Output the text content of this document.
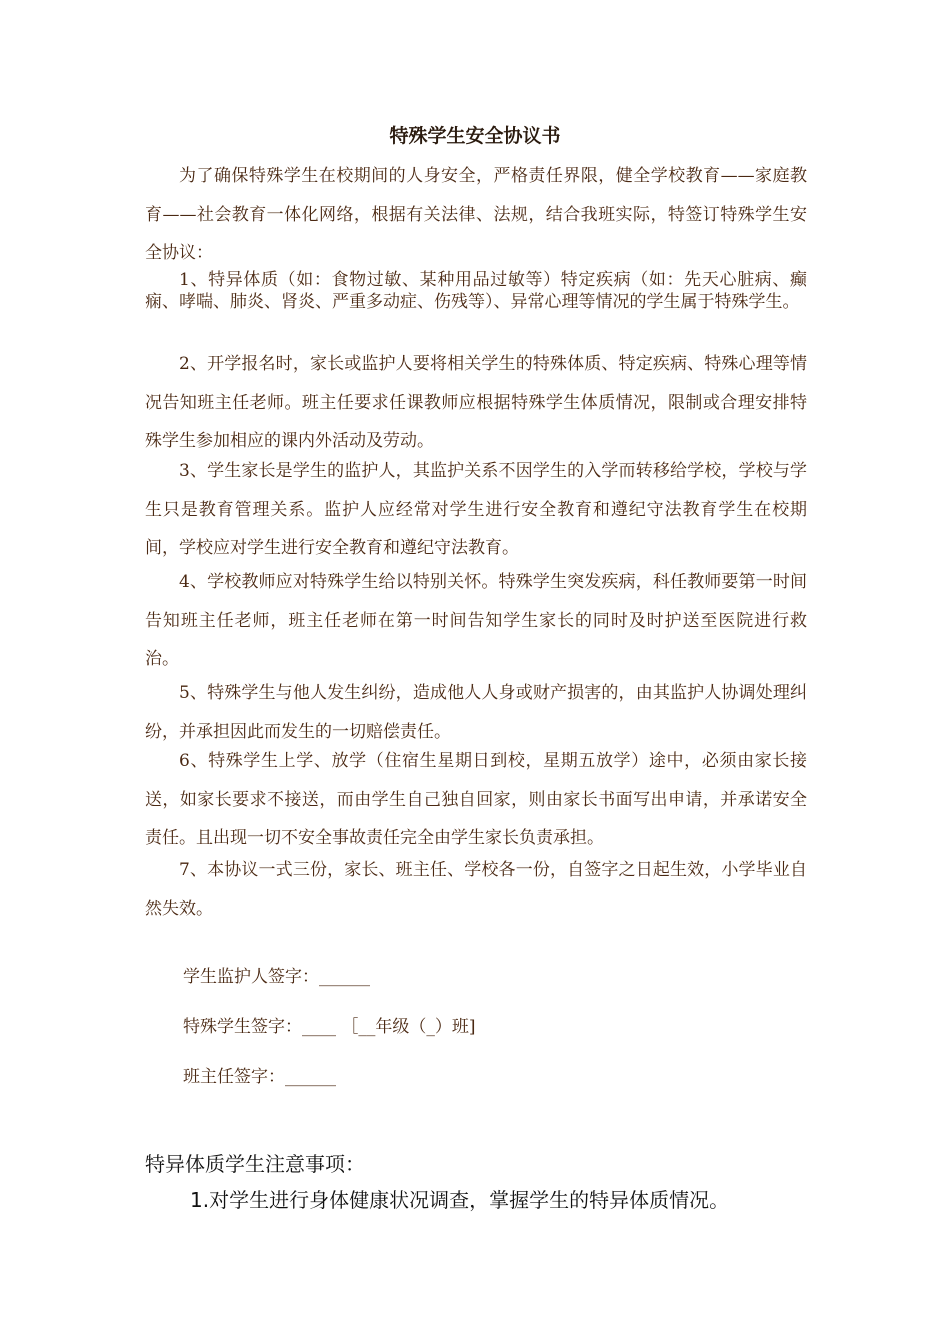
特殊学生安全协议书

为了确保特殊学生在校期间的人身安全，严格责任界限，健全学校教育——家庭教育——社会教育一体化网络，根据有关法律、法规，结合我班实际，特签订特殊学生安全协议：

1、特异体质（如：食物过敏、某种用品过敏等）特定疾病（如：先天心脏病、癫痫、哮喘、肺炎、肾炎、严重多动症、伤残等）、异常心理等情况的学生属于特殊学生。

2、开学报名时，家长或监护人要将相关学生的特殊体质、特定疾病、特殊心理等情况告知班主任老师。班主任要求任课教师应根据特殊学生体质情况，限制或合理安排特殊学生参加相应的课内外活动及劳动。

3、学生家长是学生的监护人，其监护关系不因学生的入学而转移给学校，学校与学生只是教育管理关系。监护人应经常对学生进行安全教育和遵纪守法教育学生在校期间，学校应对学生进行安全教育和遵纪守法教育。

4、学校教师应对特殊学生给以特别关怀。特殊学生突发疾病，科任教师要第一时间告知班主任老师，班主任老师在第一时间告知学生家长的同时及时护送至医院进行救治。

5、特殊学生与他人发生纠纷，造成他人人身或财产损害的，由其监护人协调处理纠纷，并承担因此而发生的一切赔偿责任。

6、特殊学生上学、放学（住宿生星期日到校，星期五放学）途中，必须由家长接送，如家长要求不接送，而由学生自己独自回家，则由家长书面写出申请，并承诺安全责任。且出现一切不安全事故责任完全由学生家长负责承担。

7、本协议一式三份，家长、班主任、学校各一份，自签字之日起生效，小学毕业自然失效。

学生监护人签字：______
特殊学生签字：____ ［__年级（_）班]
班主任签字：______
特异体质学生注意事项：
1.对学生进行身体健康状况调查，掌握学生的特异体质情况。
